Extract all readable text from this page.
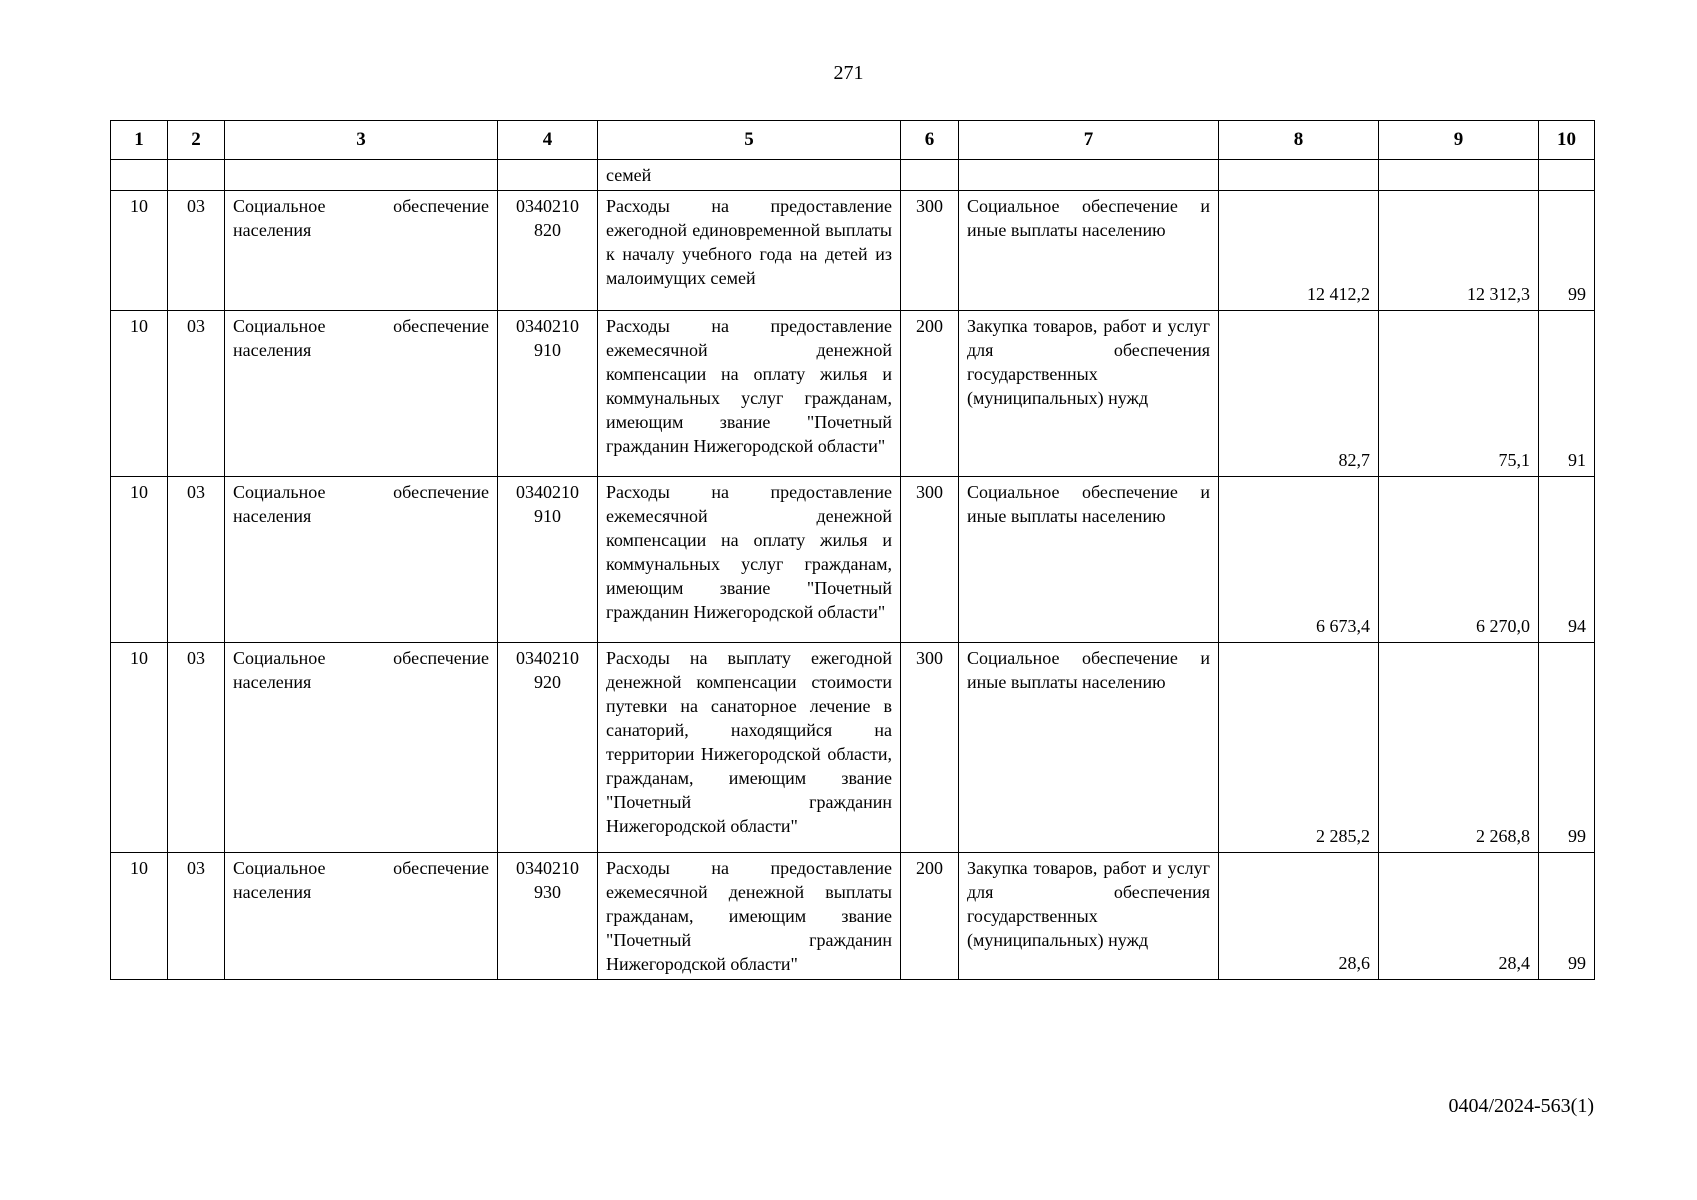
271
1	2	3	4	5	6	7	8	9	10
				семей					
10	03	Социальное обеспечение населения	0340210 820	Расходы на предоставление ежегодной единовременной выплаты к началу учебного года на детей из малоимущих семей	300	Социальное обеспечение и иные выплаты населению	12 412,2	12 312,3	99
10	03	Социальное обеспечение населения	0340210 910	Расходы на предоставление ежемесячной денежной компенсации на оплату жилья и коммунальных услуг гражданам, имеющим звание "Почетный гражданин Нижегородской области"	200	Закупка товаров, работ и услуг для обеспечения государственных (муниципальных) нужд	82,7	75,1	91
10	03	Социальное обеспечение населения	0340210 910	Расходы на предоставление ежемесячной денежной компенсации на оплату жилья и коммунальных услуг гражданам, имеющим звание "Почетный гражданин Нижегородской области"	300	Социальное обеспечение и иные выплаты населению	6 673,4	6 270,0	94
10	03	Социальное обеспечение населения	0340210 920	Расходы на выплату ежегодной денежной компенсации стоимости путевки на санаторное лечение в санаторий, находящийся на территории Нижегородской области, гражданам, имеющим звание "Почетный гражданин Нижегородской области"	300	Социальное обеспечение и иные выплаты населению	2 285,2	2 268,8	99
10	03	Социальное обеспечение населения	0340210 930	Расходы на предоставление ежемесячной денежной выплаты гражданам, имеющим звание "Почетный гражданин Нижегородской области"	200	Закупка товаров, работ и услуг для обеспечения государственных (муниципальных) нужд	28,6	28,4	99
0404/2024-563(1)
